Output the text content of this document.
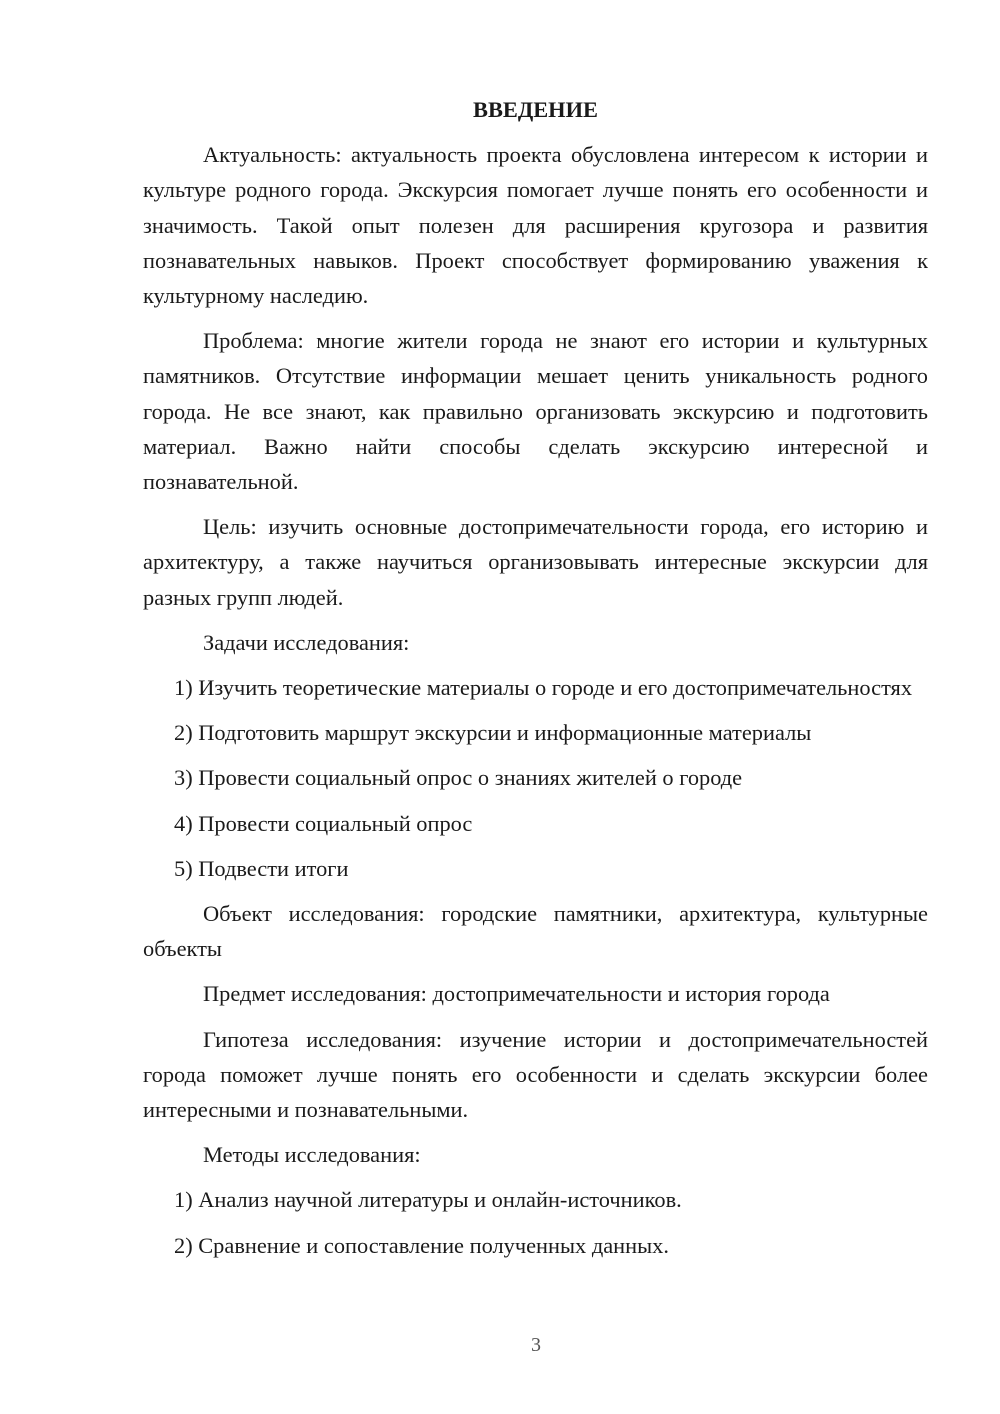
ВВЕДЕНИЕ
Актуальность: актуальность проекта обусловлена интересом к истории и культуре родного города. Экскурсия помогает лучше понять его особенности и значимость. Такой опыт полезен для расширения кругозора и развития познавательных навыков. Проект способствует формированию уважения к культурному наследию.
Проблема: многие жители города не знают его истории и культурных памятников. Отсутствие информации мешает ценить уникальность родного города. Не все знают, как правильно организовать экскурсию и подготовить материал. Важно найти способы сделать экскурсию интересной и познавательной.
Цель: изучить основные достопримечательности города, его историю и архитектуру, а также научиться организовывать интересные экскурсии для разных групп людей.
Задачи исследования:
1) Изучить теоретические материалы о городе и его достопримечательностях
2) Подготовить маршрут экскурсии и информационные материалы
3) Провести социальный опрос о знаниях жителей о городе
4) Провести социальный опрос
5) Подвести итоги
Объект исследования: городские памятники, архитектура, культурные объекты
Предмет исследования: достопримечательности и история города
Гипотеза исследования: изучение истории и достопримечательностей города поможет лучше понять его особенности и сделать экскурсии более интересными и познавательными.
Методы исследования:
1) Анализ научной литературы и онлайн-источников.
2) Сравнение и сопоставление полученных данных.
3
